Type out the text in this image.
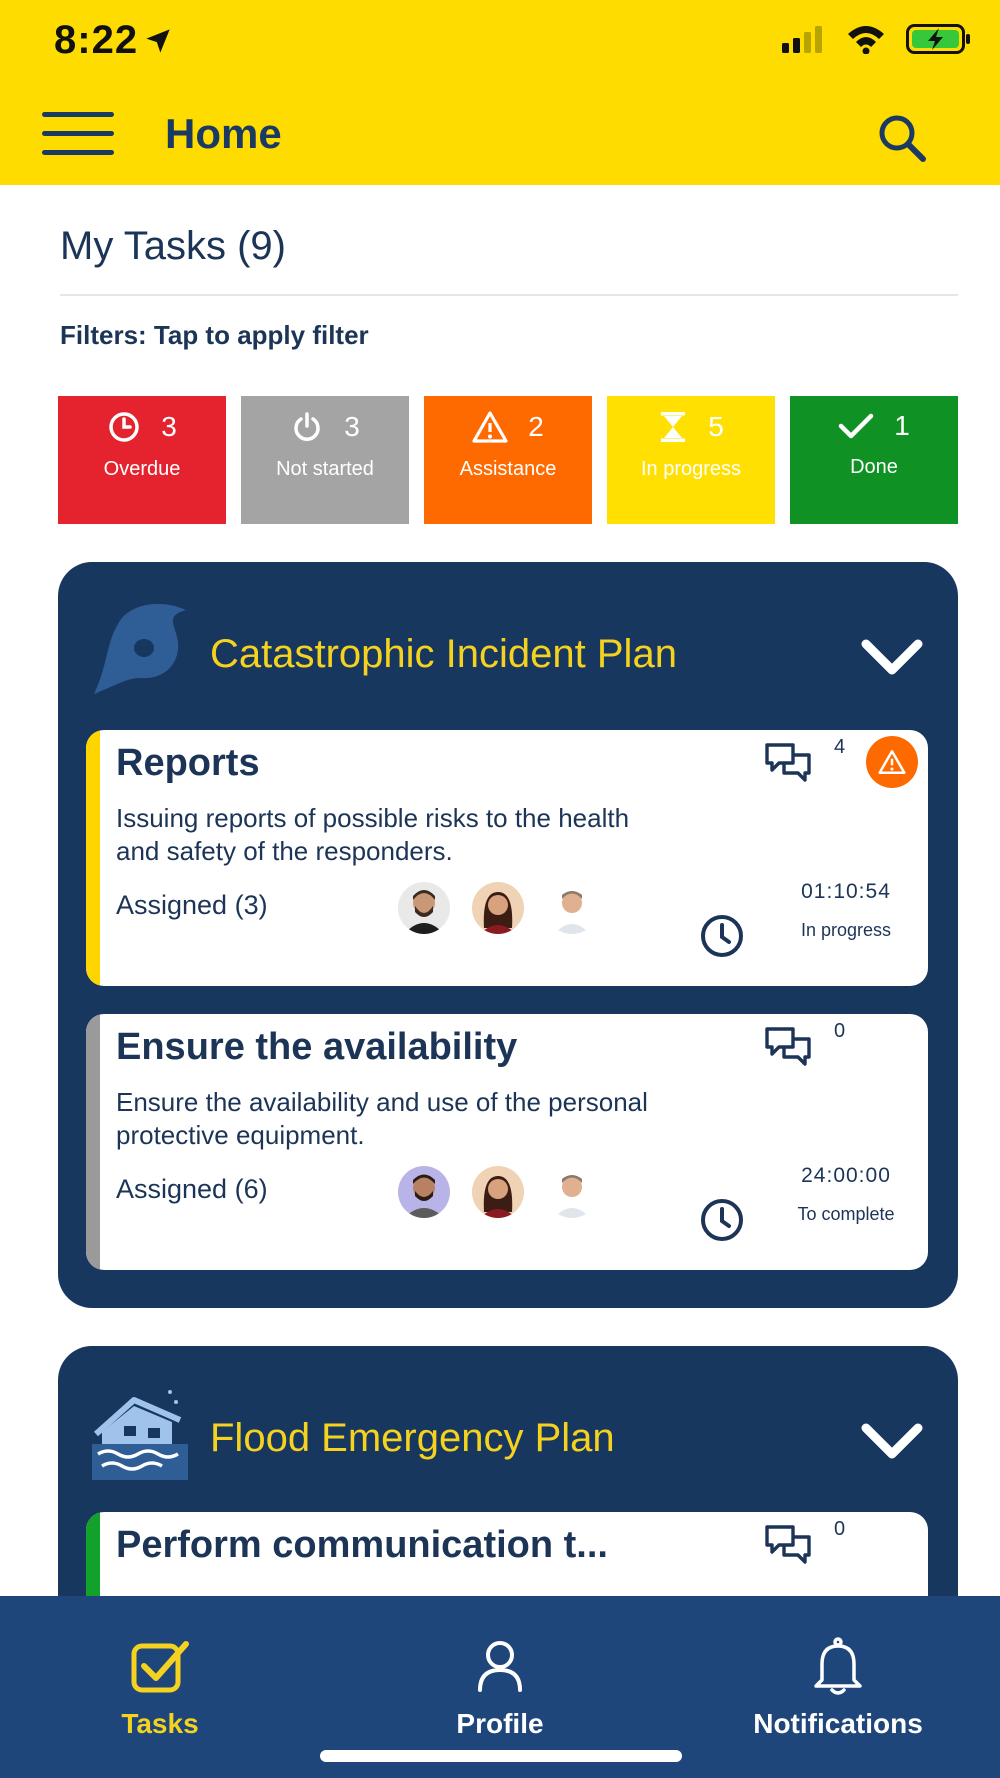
8:22
Home
My Tasks (9)
Filters: Tap to apply filter
3
Overdue
3
Not started
2
Assistance
5
In progress
1
Done
Catastrophic Incident Plan
Reports	4
Issuing reports of possible risks to the health and safety of the responders.
Assigned (3)	01:10:54
In progress
Ensure the availability	0
Ensure the availability and use of the personal protective equipment.
Assigned (6)	24:00:00
To complete
Flood Emergency Plan
Perform communication t...	0
Tasks	Profile	Notifications
